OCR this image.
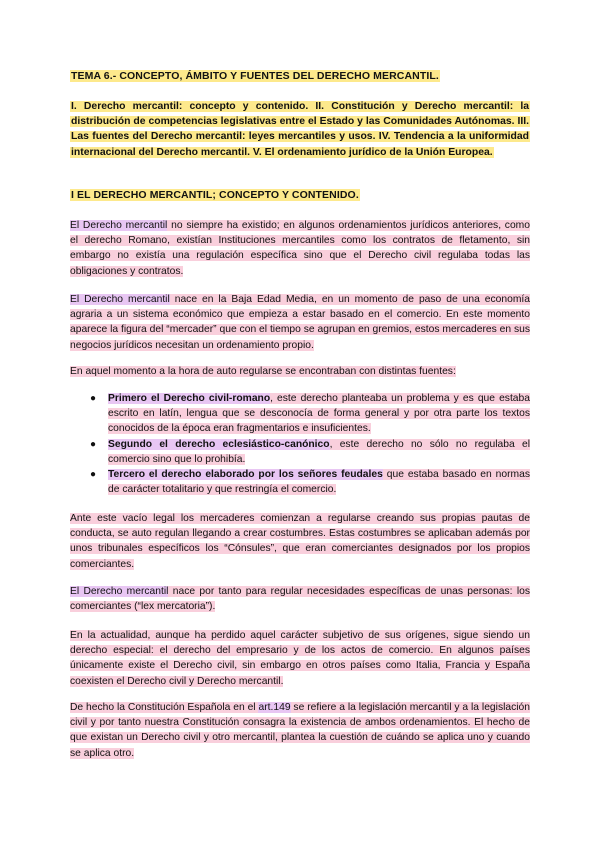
TEMA 6.- CONCEPTO, ÁMBITO Y FUENTES DEL DERECHO MERCANTIL.
I. Derecho mercantil: concepto y contenido. II. Constitución y Derecho mercantil: la distribución de competencias legislativas entre el Estado y las Comunidades Autónomas. III. Las fuentes del Derecho mercantil: leyes mercantiles y usos. IV. Tendencia a la uniformidad internacional del Derecho mercantil. V. El ordenamiento jurídico de la Unión Europea.
I EL DERECHO MERCANTIL; CONCEPTO Y CONTENIDO.
El Derecho mercantil no siempre ha existido; en algunos ordenamientos jurídicos anteriores, como el derecho Romano, existían Instituciones mercantiles como los contratos de fletamento, sin embargo no existía una regulación específica sino que el Derecho civil regulaba todas las obligaciones y contratos.
El Derecho mercantil nace en la Baja Edad Media, en un momento de paso de una economía agraria a un sistema económico que empieza a estar basado en el comercio. En este momento aparece la figura del “mercader” que con el tiempo se agrupan en gremios, estos mercaderes en sus negocios jurídicos necesitan un ordenamiento propio.
En aquel momento a la hora de auto regularse se encontraban con distintas fuentes:
● Primero el Derecho civil-romano, este derecho planteaba un problema y es que estaba escrito en latín, lengua que se desconocía de forma general y por otra parte los textos conocidos de la época eran fragmentarios e insuficientes.
● Segundo el derecho eclesiástico-canónico, este derecho no sólo no regulaba el comercio sino que lo prohibía.
● Tercero el derecho elaborado por los señores feudales que estaba basado en normas de carácter totalitario y que restringía el comercio.
Ante este vacío legal los mercaderes comienzan a regularse creando sus propias pautas de conducta, se auto regulan llegando a crear costumbres. Estas costumbres se aplicaban además por unos tribunales específicos los “Cónsules”, que eran comerciantes designados por los propios comerciantes.
El Derecho mercantil nace por tanto para regular necesidades específicas de unas personas: los comerciantes (“lex mercatoria”).
En la actualidad, aunque ha perdido aquel carácter subjetivo de sus orígenes, sigue siendo un derecho especial: el derecho del empresario y de los actos de comercio. En algunos países únicamente existe el Derecho civil, sin embargo en otros países como Italia, Francia y España coexisten el Derecho civil y Derecho mercantil.
De hecho la Constitución Española en el art.149 se refiere a la legislación mercantil y a la legislación civil y por tanto nuestra Constitución consagra la existencia de ambos ordenamientos. El hecho de que existan un Derecho civil y otro mercantil, plantea la cuestión de cuándo se aplica uno y cuando se aplica otro.
